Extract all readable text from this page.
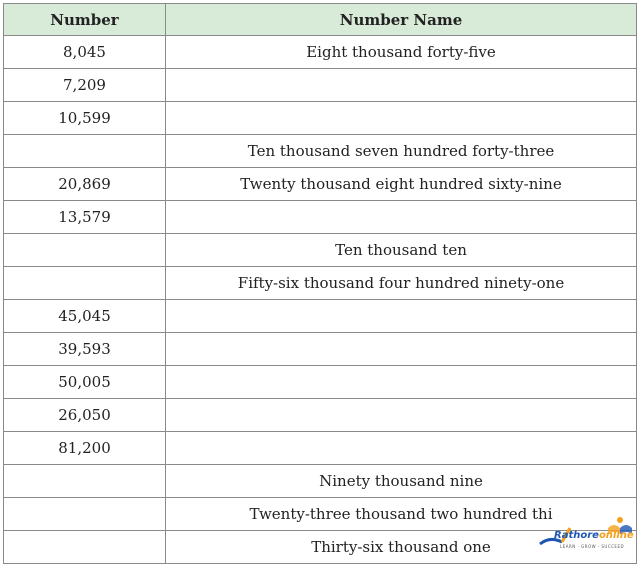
Number	Number Name
8,045	Eight thousand forty-five
7,209	
10,599	
	Ten thousand seven hundred forty-three
20,869	Twenty thousand eight hundred sixty-nine
13,579	
	Ten thousand ten
	Fifty-six thousand four hundred ninety-one
45,045	
39,593	
50,005	
26,050	
81,200	
	Ninety thousand nine
	Twenty-three thousand two hundred thi
	Thirty-six thousand one
Rathoreonline
LEARN · GROW · SUCCEED
